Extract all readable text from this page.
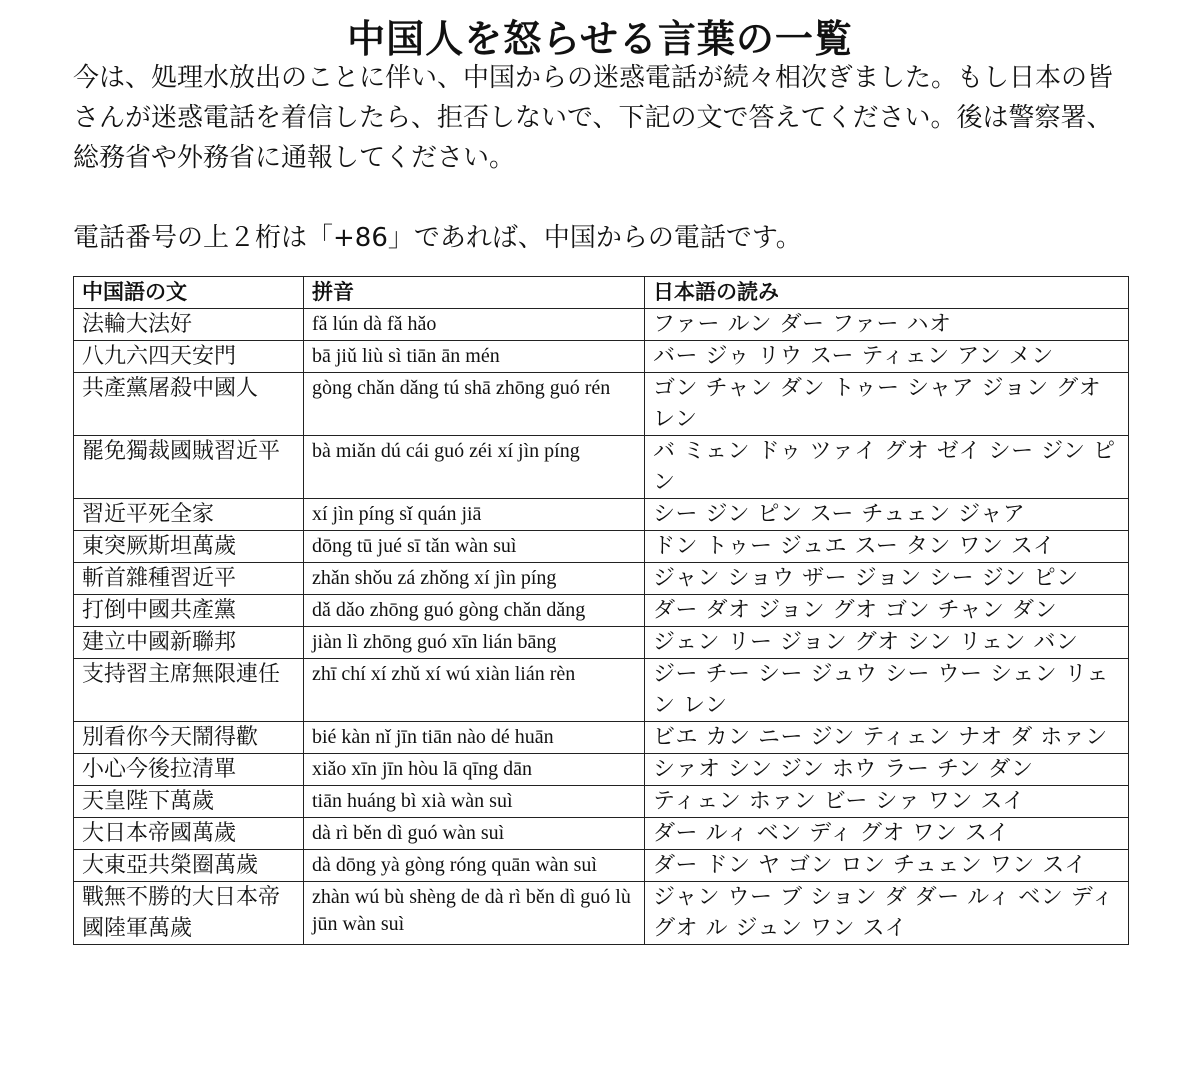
中国人を怒らせる言葉の一覧

今は、処理水放出のことに伴い、中国からの迷惑電話が続々相次ぎました。もし日本の皆さんが迷惑電話を着信したら、拒否しないで、下記の文で答えてください。後は警察署、総務省や外務省に通報してください。

電話番号の上２桁は「+86」であれば、中国からの電話です。

中国語の文	拼音	日本語の読み
法輪大法好	fǎ lún dà fǎ hǎo	ファー ルン ダー ファー ハオ
八九六四天安門	bā jiǔ liù sì tiān ān mén	バー ジゥ リウ スー ティェン アン メン
共產黨屠殺中國人	gòng chǎn dǎng tú shā zhōng guó rén	ゴン チャン ダン トゥー シャア ジョン グオ レン
罷免獨裁國賊習近平	bà miǎn dú cái guó zéi xí jìn píng	バ ミェン ドゥ ツァイ グオ ゼイ シー ジン ピン
習近平死全家	xí jìn píng sǐ quán jiā	シー ジン ピン スー チュェン ジャア
東突厥斯坦萬歲	dōng tū jué sī tǎn wàn suì	ドン トゥー ジュエ スー タン ワン スイ
斬首雜種習近平	zhǎn shǒu zá zhǒng xí jìn píng	ジャン ショウ ザー ジョン シー ジン ピン
打倒中國共產黨	dǎ dǎo zhōng guó gòng chǎn dǎng	ダー ダオ ジョン グオ ゴン チャン ダン
建立中國新聯邦	jiàn lì zhōng guó xīn lián bāng	ジェン リー ジョン グオ シン リェン バン
支持習主席無限連任	zhī chí xí zhǔ xí wú xiàn lián rèn	ジー チー シー ジュウ シー ウー シェン リェン レン
別看你今天鬧得歡	bié kàn nǐ jīn tiān nào dé huān	ビエ カン ニー ジン ティェン ナオ ダ ホァン
小心今後拉清單	xiǎo xīn jīn hòu lā qīng dān	シァオ シン ジン ホウ ラー チン ダン
天皇陛下萬歲	tiān huáng bì xià wàn suì	ティェン ホァン ビー シァ ワン スイ
大日本帝國萬歲	dà rì běn dì guó wàn suì	ダー ルィ ベン ディ グオ ワン スイ
大東亞共榮圈萬歲	dà dōng yà gòng róng quān wàn suì	ダー ドン ヤ ゴン ロン チュェン ワン スイ
戰無不勝的大日本帝國陸軍萬歲	zhàn wú bù shèng de dà rì běn dì guó lù jūn wàn suì	ジャン ウー ブ ション ダ ダー ルィ ベン ディ グオ ル ジュン ワン スイ
